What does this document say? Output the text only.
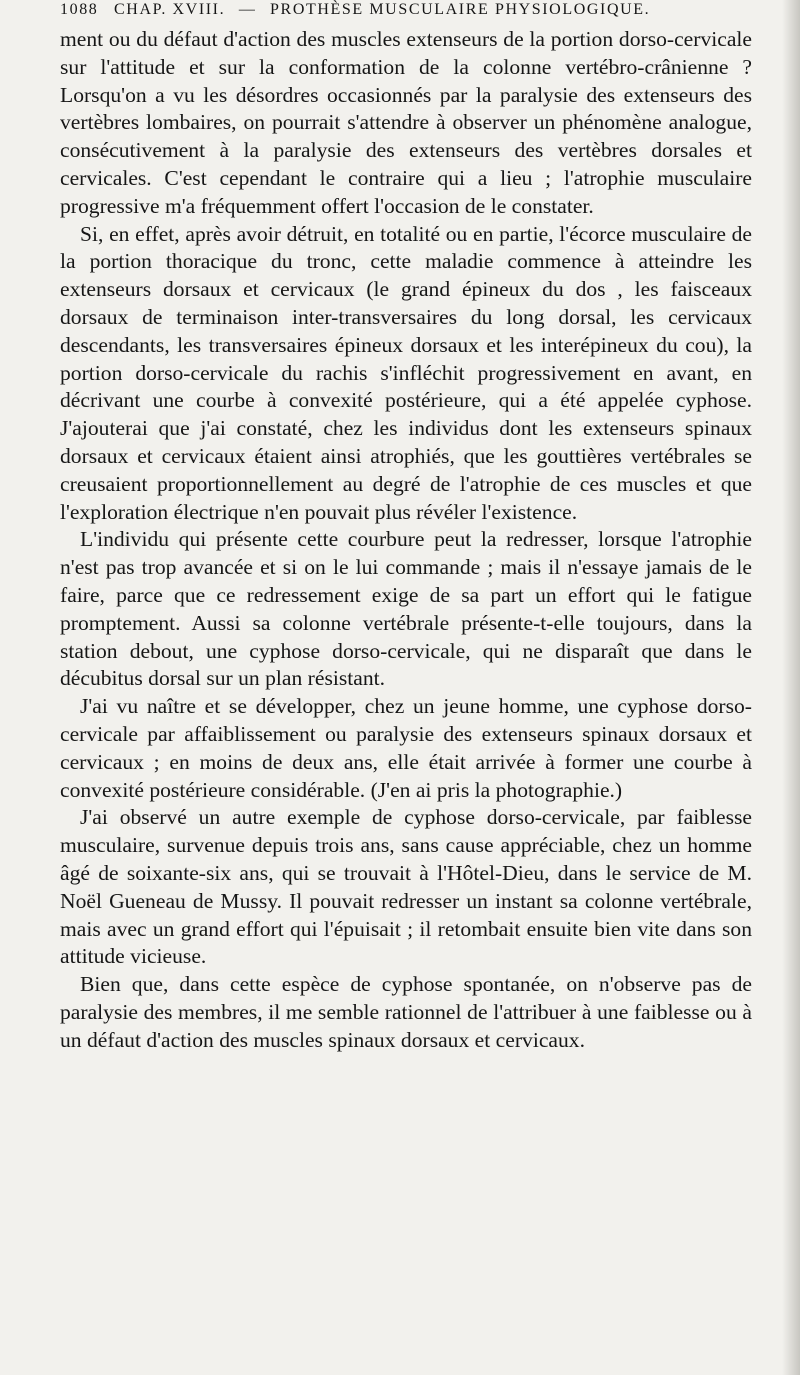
1088 CHAP. XVIII. — PROTHÈSE MUSCULAIRE PHYSIOLOGIQUE.

ment ou du défaut d'action des muscles extenseurs de la portion dorso-cervicale sur l'attitude et sur la conformation de la colonne vertébro-crânienne ? Lorsqu'on a vu les désordres occasionnés par la paralysie des extenseurs des vertèbres lombaires, on pourrait s'attendre à observer un phénomène analogue, consécutivement à la paralysie des extenseurs des vertèbres dorsales et cervicales. C'est cependant le contraire qui a lieu ; l'atrophie musculaire progressive m'a fréquemment offert l'occasion de le constater.

Si, en effet, après avoir détruit, en totalité ou en partie, l'écorce musculaire de la portion thoracique du tronc, cette maladie commence à atteindre les extenseurs dorsaux et cervicaux (le grand épineux du dos , les faisceaux dorsaux de terminaison inter-transversaires du long dorsal, les cervicaux descendants, les transversaires épineux dorsaux et les interépineux du cou), la portion dorso-cervicale du rachis s'infléchit progressivement en avant, en décrivant une courbe à convexité postérieure, qui a été appelée cyphose. J'ajouterai que j'ai constaté, chez les individus dont les extenseurs spinaux dorsaux et cervicaux étaient ainsi atrophiés, que les gouttières vertébrales se creusaient proportionnellement au degré de l'atrophie de ces muscles et que l'exploration électrique n'en pouvait plus révéler l'existence.

L'individu qui présente cette courbure peut la redresser, lorsque l'atrophie n'est pas trop avancée et si on le lui commande ; mais il n'essaye jamais de le faire, parce que ce redressement exige de sa part un effort qui le fatigue promptement. Aussi sa colonne vertébrale présente-t-elle toujours, dans la station debout, une cyphose dorso-cervicale, qui ne disparaît que dans le décubitus dorsal sur un plan résistant.

J'ai vu naître et se développer, chez un jeune homme, une cyphose dorso-cervicale par affaiblissement ou paralysie des extenseurs spinaux dorsaux et cervicaux ; en moins de deux ans, elle était arrivée à former une courbe à convexité postérieure considérable. (J'en ai pris la photographie.)

J'ai observé un autre exemple de cyphose dorso-cervicale, par faiblesse musculaire, survenue depuis trois ans, sans cause appréciable, chez un homme âgé de soixante-six ans, qui se trouvait à l'Hôtel-Dieu, dans le service de M. Noël Gueneau de Mussy. Il pouvait redresser un instant sa colonne vertébrale, mais avec un grand effort qui l'épuisait ; il retombait ensuite bien vite dans son attitude vicieuse.

Bien que, dans cette espèce de cyphose spontanée, on n'observe pas de paralysie des membres, il me semble rationnel de l'attribuer à une faiblesse ou à un défaut d'action des muscles spinaux dorsaux et cervicaux.
